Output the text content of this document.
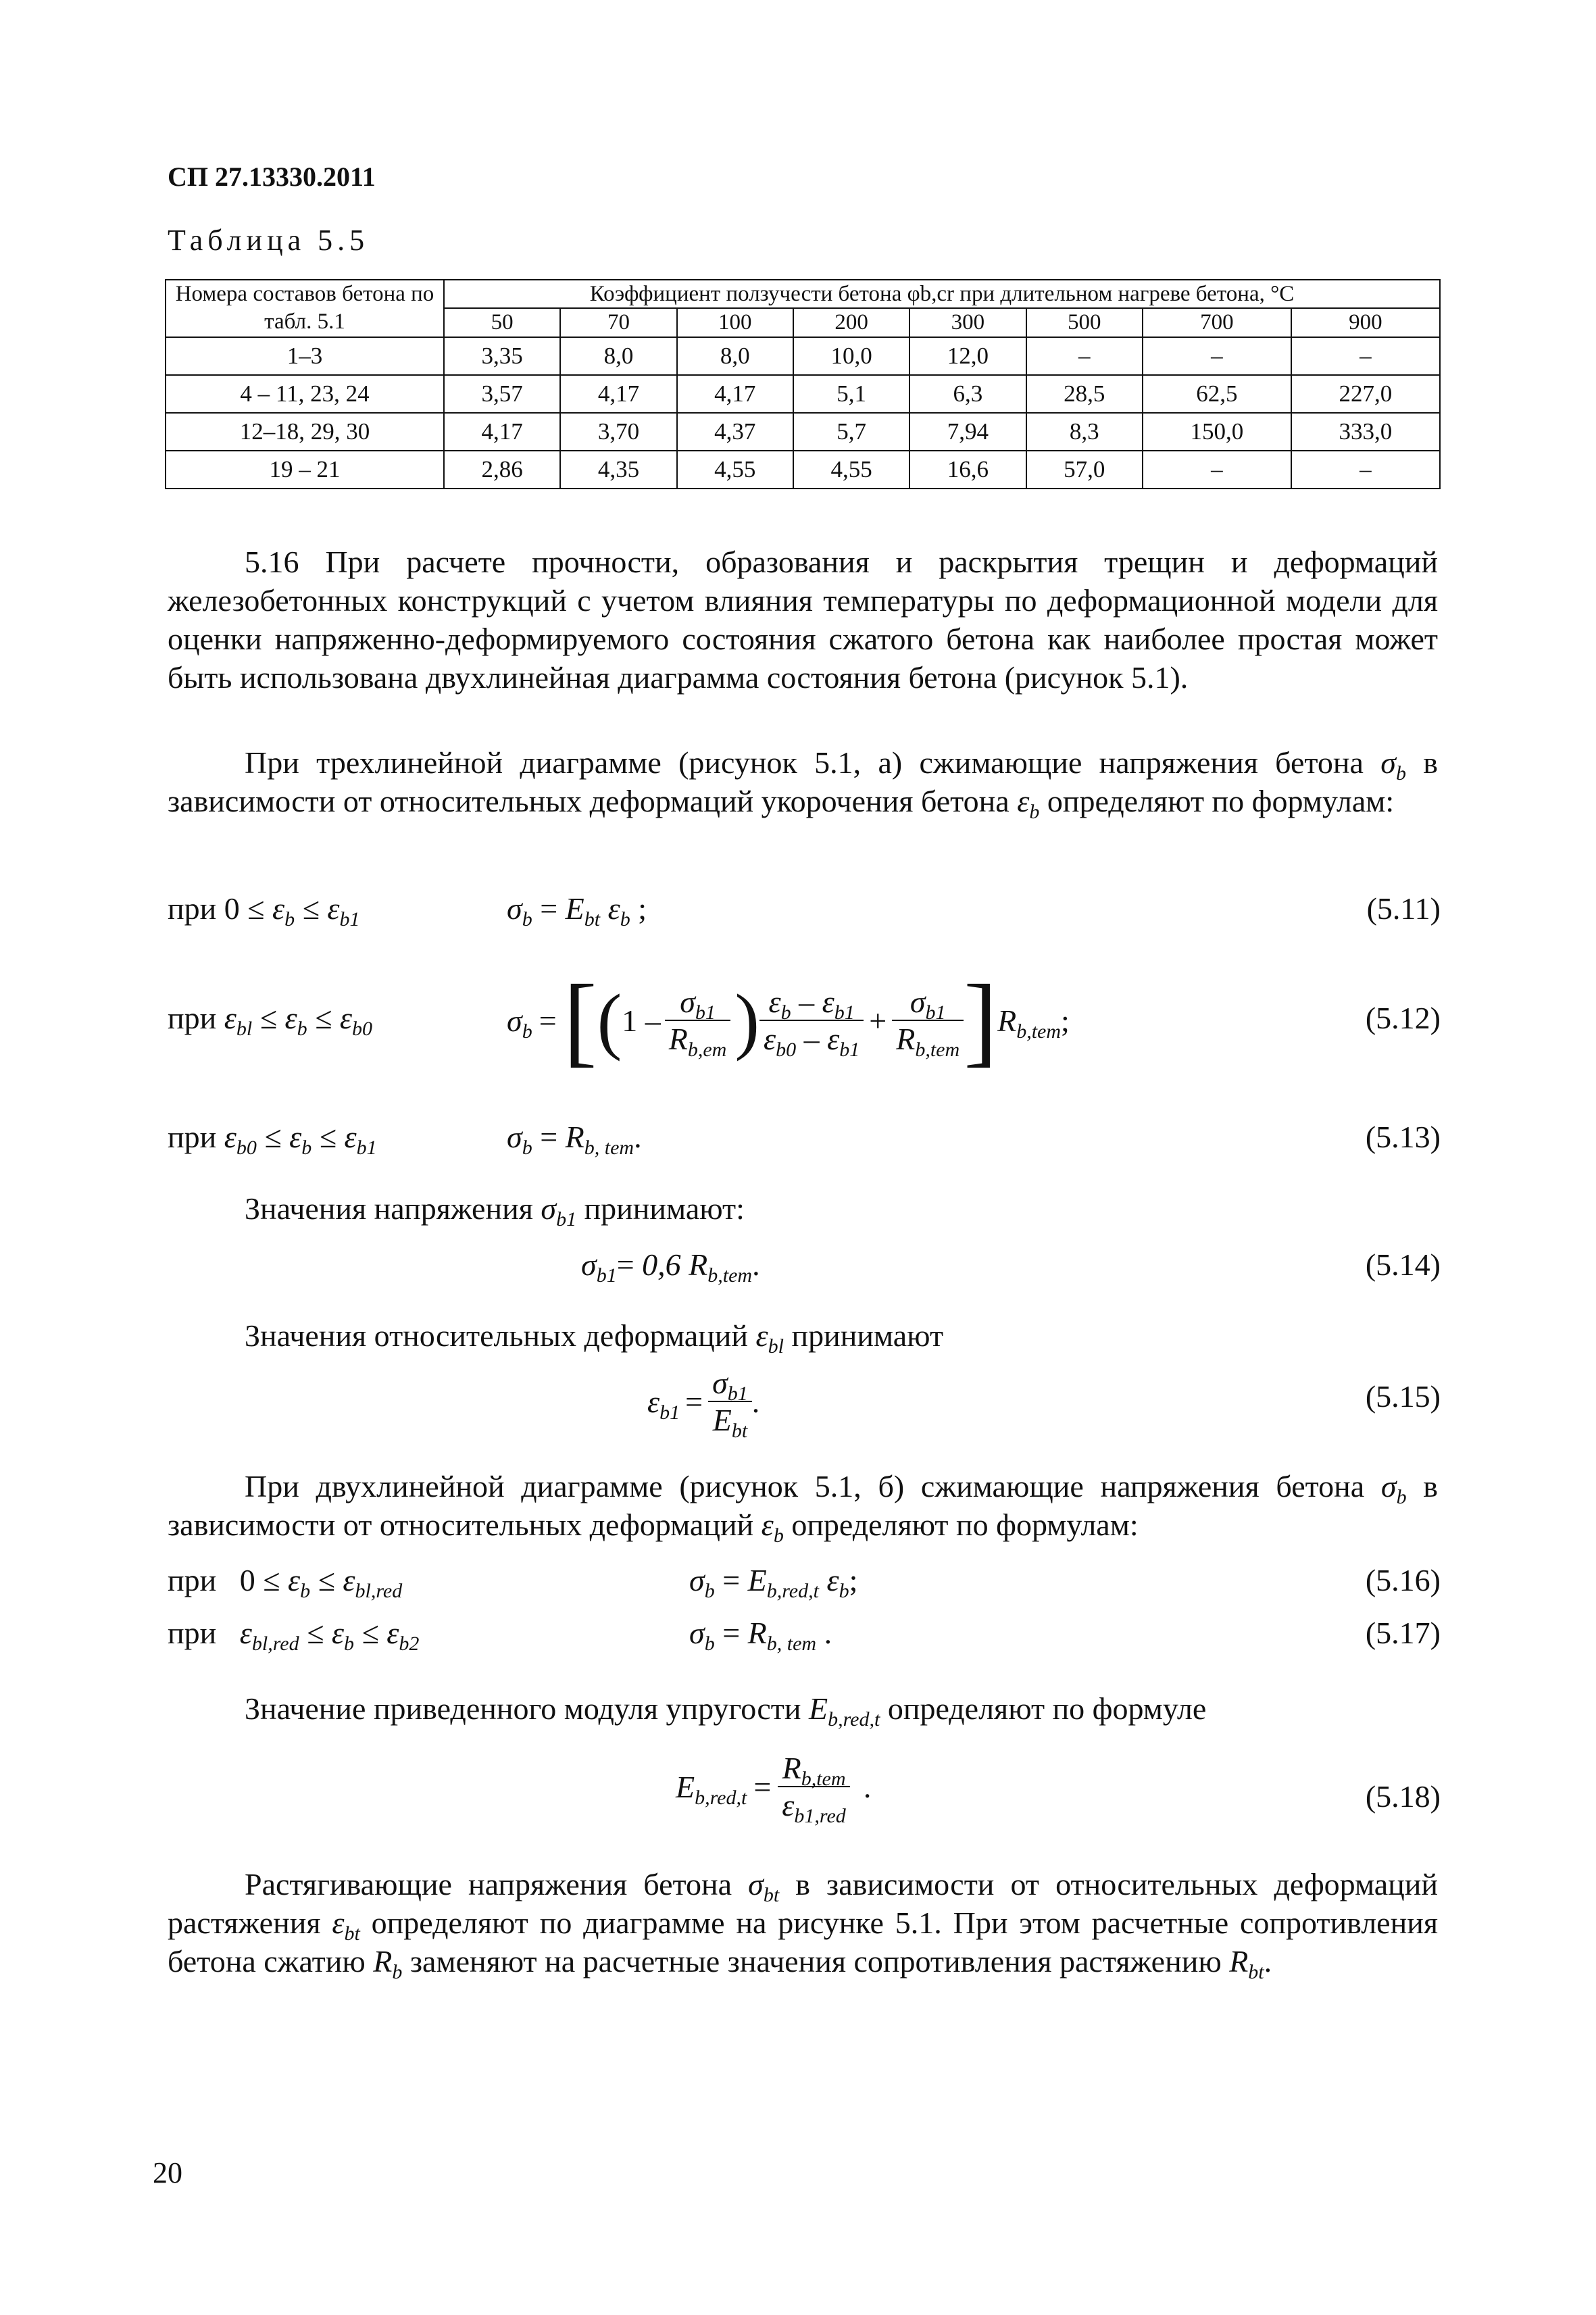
СП 27.13330.2011
Таблица 5.5
Номера составов бетона по табл. 5.1	Коэффициент ползучести бетона φb,cr при длительном нагреве бетона, °С							
	50	70	100	200	300	500	700	900
1–3	3,35	8,0	8,0	10,0	12,0	–	–	–
4 – 11, 23, 24	3,57	4,17	4,17	5,1	6,3	28,5	62,5	227,0
12–18, 29, 30	4,17	3,70	4,37	5,7	7,94	8,3	150,0	333,0
19 – 21	2,86	4,35	4,55	4,55	16,6	57,0	–	–

5.16 При расчете прочности, образования и раскрытия трещин и деформаций железобетонных конструкций с учетом влияния температуры по деформационной модели для оценки напряженно-деформируемого состояния сжатого бетона как наиболее простая может быть использована двухлинейная диаграмма состояния бетона (рисунок 5.1).

При трехлинейной диаграмме (рисунок 5.1, а) сжимающие напряжения бетона $\sigma_b$ в зависимости от относительных деформаций укорочения бетона $\varepsilon_b$ определяют по формулам:

при $0 \le \varepsilon_b \le \varepsilon_{b1}$	$\sigma_b = E_{bt}$ $\varepsilon_b$ ;	(5.11)
при $\varepsilon_{bl} \le \varepsilon_b \le \varepsilon_{b0}$	$\sigma_b$ = [ ( $1 - \frac{\sigma_{b1}}{R_{b,em}}$ ) $\frac{\varepsilon_b - \varepsilon_{b1}}{\varepsilon_{b0} - \varepsilon_{b1}} + \frac{\sigma_{b1}}{R_{b,tem}}$ ] $R_{b,tem}$ ;	(5.12)
при $\varepsilon_{b0} \le \varepsilon_b \le \varepsilon_{b1}$	$\sigma_b = R_{b, tem}$.	(5.13)

Значения напряжения $\sigma_{b1}$ принимают:

$\sigma_{b1}= 0,6$ $R_{b,tem}$.	(5.14)

Значения относительных деформаций $\varepsilon_{bl}$ принимают

$\varepsilon_{b1} = \frac{\sigma_{b1}}{E_{bt}}$ .	(5.15)

При двухлинейной диаграмме (рисунок 5.1, б) сжимающие напряжения бетона $\sigma_b$ в зависимости от относительных деформаций $\varepsilon_b$ определяют по формулам:

при $0 \le \varepsilon_b \le \varepsilon_{bl,red}$	$\sigma_b = E_{b,red,t}$ $\varepsilon_b$;	(5.16)
при $\varepsilon_{bl,red} \le \varepsilon_b \le \varepsilon_{b2}$	$\sigma_b = R_{b, tem}$ .	(5.17)

Значение приведенного модуля упругости $E_{b,red,t}$ определяют по формуле

$E_{b,red,t} = \frac{R_{b,tem}}{\varepsilon_{b1,red}}$ .	(5.18)

Растягивающие напряжения бетона $\sigma_{bt}$ в зависимости от относительных деформаций растяжения $\varepsilon_{bt}$ определяют по диаграмме на рисунке 5.1. При этом расчетные сопротивления бетона сжатию $R_b$ заменяют на расчетные значения сопротивления растяжению $R_{bt}$.

20
